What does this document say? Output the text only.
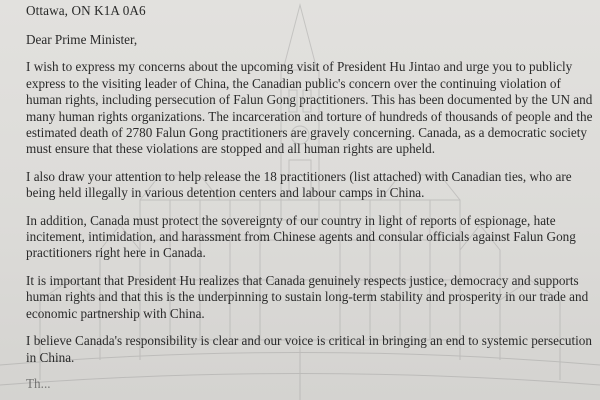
Ottawa, ON K1A 0A6
Dear Prime Minister,

I wish to express my concerns about the upcoming visit of President Hu Jintao and urge you to publicly express to the visiting leader of China, the Canadian public's concern over the continuing violation of human rights, including persecution of Falun Gong practitioners. This has been documented by the UN and many human rights organizations. The incarceration and torture of hundreds of thousands of people and the estimated death of 2780 Falun Gong practitioners are gravely concerning. Canada, as a democratic society must ensure that these violations are stopped and all human rights are upheld.

I also draw your attention to help release the 18 practitioners (list attached) with Canadian ties, who are being held illegally in various detention centers and labour camps in China.

In addition, Canada must protect the sovereignty of our country in light of reports of espionage, hate incitement, intimidation, and harassment from Chinese agents and consular officials against Falun Gong practitioners right here in Canada.

It is important that President Hu realizes that Canada genuinely respects justice, democracy and supports human rights and that this is the underpinning to sustain long-term stability and prosperity in our trade and economic partnership with China.

I believe Canada's responsibility is clear and our voice is critical in bringing an end to systemic persecution in China.

Th...
